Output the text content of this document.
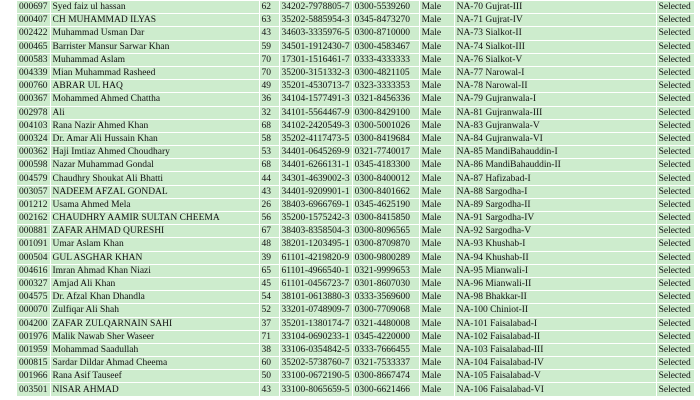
000697	Syed faiz ul hassan	62	34202-7978805-7	0300-5539260	Male	NA-70 Gujrat-III	Selected
000407	CH MUHAMMAD ILYAS	63	35202-5885954-3	0345-8473270	Male	NA-71 Gujrat-IV	Selected
002422	Muhammad Usman Dar	43	34603-3335976-5	0300-8710000	Male	NA-73 Sialkot-II	Selected
000465	Barrister Mansur Sarwar Khan	59	34501-1912430-7	0300-4583467	Male	NA-74 Sialkot-III	Selected
000583	Muhammad Aslam	70	17301-1516461-7	0333-4333333	Male	NA-76 Sialkot-V	Selected
004339	Mian Muhammad Rasheed	70	35200-3151332-3	0300-4821105	Male	NA-77 Narowal-I	Selected
000760	ABRAR UL HAQ	49	35201-4530713-7	0323-3333353	Male	NA-78 Narowal-II	Selected
000367	Mohammed Ahmed Chattha	36	34104-1577491-3	0321-8456336	Male	NA-79 Gujranwala-I	Selected
002978	Ali	32	34101-5564467-9	0300-8429100	Male	NA-81 Gujranwala-III	Selected
004103	Rana Nazir Ahmed Khan	68	34102-2420549-3	0300-5001026	Male	NA-83 Gujranwala-V	Selected
000324	Dr. Amar Ali Hussain Khan	58	35202-4117473-5	0300-8419684	Male	NA-84 Gujranwala-VI	Selected
000362	Haji Imtiaz Ahmed Choudhary	53	34401-0645269-9	0321-7740017	Male	NA-85 MandiBahauddin-I	Selected
000598	Nazar Muhammad Gondal	68	34401-6266131-1	0345-4183300	Male	NA-86 MandiBahauddin-II	Selected
004579	Chaudhry Shoukat Ali Bhatti	44	34301-4639002-3	0300-8400012	Male	NA-87 Hafizabad-I	Selected
003057	NADEEM AFZAL GONDAL	43	34401-9209901-1	0300-8401662	Male	NA-88 Sargodha-I	Selected
001212	Usama Ahmed Mela	26	38403-6966769-1	0345-4625190	Male	NA-89 Sargodha-II	Selected
002162	CHAUDHRY AAMIR SULTAN CHEEMA	56	35200-1575242-3	0300-8415850	Male	NA-91 Sargodha-IV	Selected
000881	ZAFAR AHMAD QURESHI	67	38403-8358504-3	0300-8096565	Male	NA-92 Sargodha-V	Selected
001091	Umar Aslam Khan	48	38201-1203495-1	0300-8709870	Male	NA-93 Khushab-I	Selected
000504	GUL ASGHAR KHAN	39	61101-4219820-9	0300-9800289	Male	NA-94 Khushab-II	Selected
004616	Imran Ahmad Khan Niazi	65	61101-4966540-1	0321-9999653	Male	NA-95 Mianwali-I	Selected
000327	Amjad Ali Khan	45	61101-0456723-7	0301-8607030	Male	NA-96 Mianwali-II	Selected
004575	Dr. Afzal Khan Dhandla	54	38101-0613880-3	0333-3569600	Male	NA-98 Bhakkar-II	Selected
000070	Zulfiqar Ali Shah	52	33201-0748909-7	0300-7709068	Male	NA-100 Chiniot-II	Selected
004200	ZAFAR ZULQARNAIN SAHI	37	35201-1380174-7	0321-4480008	Male	NA-101 Faisalabad-I	Selected
001976	Malik Nawab Sher Waseer	71	33104-0690233-1	0345-4220000	Male	NA-102 Faisalabad-II	Selected
001959	Mohammad Saadullah	38	33106-0354842-5	0333-7666455	Male	NA-103 Faisalabad-III	Selected
000815	Sardar Dildar Ahmad Cheema	60	35202-5738760-7	0321-7533337	Male	NA-104 Faisalabad-IV	Selected
001966	Rana Asif Tauseef	50	33100-0672190-5	0300-8667474	Male	NA-105 Faisalabad-V	Selected
003501	NISAR AHMAD	43	33100-8065659-5	0300-6621466	Male	NA-106 Faisalabad-VI	Selected
